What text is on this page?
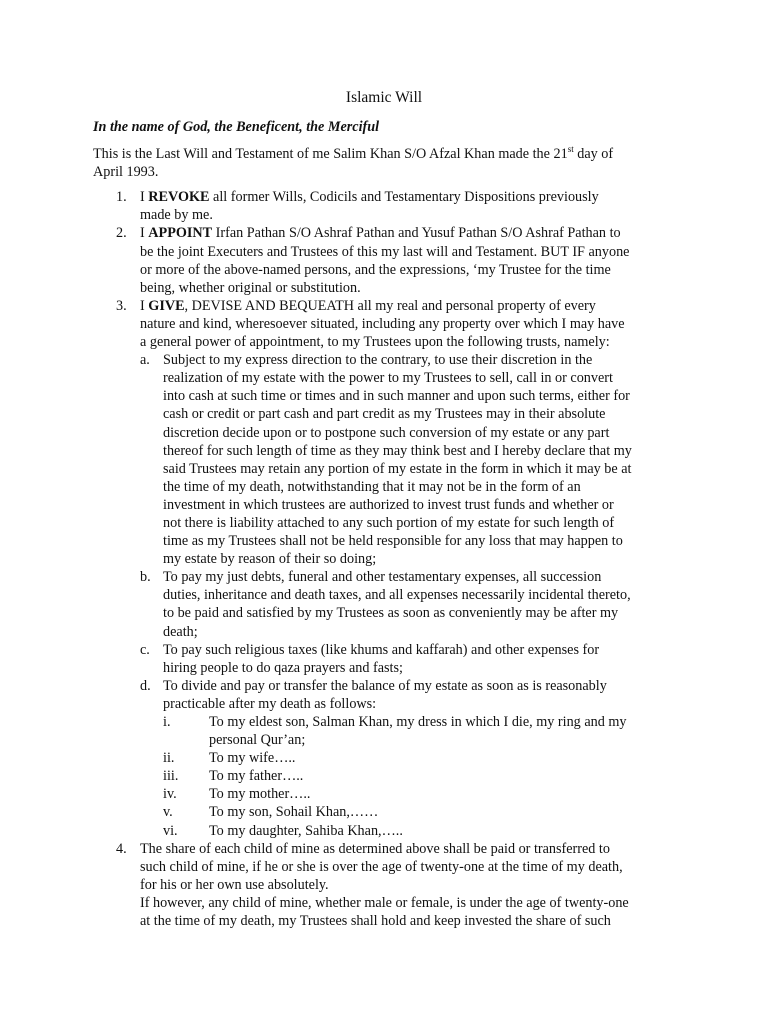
Islamic Will

In the name of God, the Beneficent, the Merciful

This is the Last Will and Testament of me Salim Khan S/O Afzal Khan made the 21st day of
April 1993.

1. I REVOKE all former Wills, Codicils and Testamentary Dispositions previously
made by me.
2. I APPOINT Irfan Pathan S/O Ashraf Pathan and Yusuf Pathan S/O Ashraf Pathan to
be the joint Executers and Trustees of this my last will and Testament. BUT IF anyone
or more of the above-named persons, and the expressions, ‘my Trustee for the time
being, whether original or substitution.
3. I GIVE, DEVISE AND BEQUEATH all my real and personal property of every
nature and kind, wheresoever situated, including any property over which I may have
a general power of appointment, to my Trustees upon the following trusts, namely:
a. Subject to my express direction to the contrary, to use their discretion in the
realization of my estate with the power to my Trustees to sell, call in or convert
into cash at such time or times and in such manner and upon such terms, either for
cash or credit or part cash and part credit as my Trustees may in their absolute
discretion decide upon or to postpone such conversion of my estate or any part
thereof for such length of time as they may think best and I hereby declare that my
said Trustees may retain any portion of my estate in the form in which it may be at
the time of my death, notwithstanding that it may not be in the form of an
investment in which trustees are authorized to invest trust funds and whether or
not there is liability attached to any such portion of my estate for such length of
time as my Trustees shall not be held responsible for any loss that may happen to
my estate by reason of their so doing;
b. To pay my just debts, funeral and other testamentary expenses, all succession
duties, inheritance and death taxes, and all expenses necessarily incidental thereto,
to be paid and satisfied by my Trustees as soon as conveniently may be after my
death;
c. To pay such religious taxes (like khums and kaffarah) and other expenses for
hiring people to do qaza prayers and fasts;
d. To divide and pay or transfer the balance of my estate as soon as is reasonably
practicable after my death as follows:
i.	To my eldest son, Salman Khan, my dress in which I die, my ring and my
personal Qur’an;
ii. To my wife…..
iii. To my father…..
iv. To my mother…..
v.	To my son, Sohail Khan,……
vi. To my daughter, Sahiba Khan,…..
4. The share of each child of mine as determined above shall be paid or transferred to
such child of mine, if he or she is over the age of twenty-one at the time of my death,
for his or her own use absolutely.
If however, any child of mine, whether male or female, is under the age of twenty-one
at the time of my death, my Trustees shall hold and keep invested the share of such
